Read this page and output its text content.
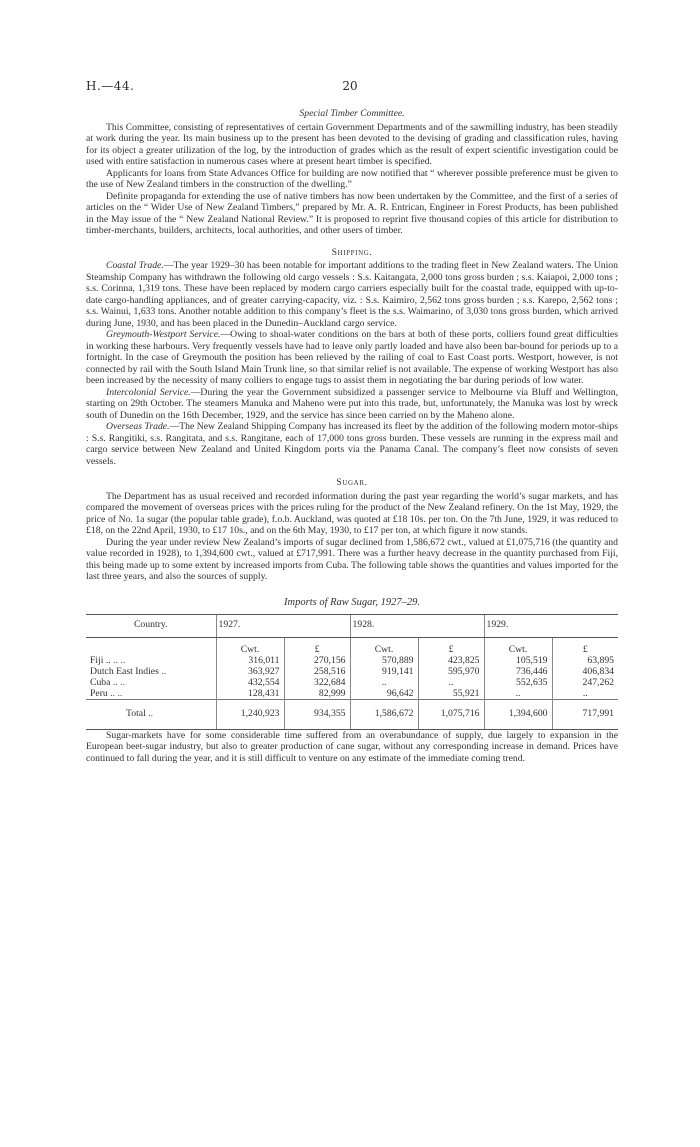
H.—44.	20
Special Timber Committee.

This Committee, consisting of representatives of certain Government Departments and of the sawmilling industry, has been steadily at work during the year. Its main business up to the present has been devoted to the devising of grading and classification rules, having for its object a greater utilization of the log, by the introduction of grades which as the result of expert scientific investigation could be used with entire satisfaction in numerous cases where at present heart timber is specified.

Applicants for loans from State Advances Office for building are now notified that “ wherever possible preference must be given to the use of New Zealand timbers in the construction of the dwelling.”

Definite propaganda for extending the use of native timbers has now been undertaken by the Committee, and the first of a series of articles on the “ Wider Use of New Zealand Timbers,” prepared by Mr. A. R. Entrican, Engineer in Forest Products, has been published in the May issue of the “ New Zealand National Review.” It is proposed to reprint five thousand copies of this article for distribution to timber-merchants, builders, architects, local authorities, and other users of timber.

Shipping.

Coastal Trade.—The year 1929–30 has been notable for important additions to the trading fleet in New Zealand waters. The Union Steamship Company has withdrawn the following old cargo vessels : S.s. Kaitangata, 2,000 tons gross burden ; s.s. Kaiapoi, 2,000 tons ; s.s. Corinna, 1,319 tons. These have been replaced by modern cargo carriers especially built for the coastal trade, equipped with up-to-date cargo-handling appliances, and of greater carrying-capacity, viz. : S.s. Kaimiro, 2,562 tons gross burden ; s.s. Karepo, 2,562 tons ; s.s. Wainui, 1,633 tons. Another notable addition to this company’s fleet is the s.s. Waimarino, of 3,030 tons gross burden, which arrived during June, 1930, and has been placed in the Dunedin–Auckland cargo service.

Greymouth-Westport Service.—Owing to shoal-water conditions on the bars at both of these ports, colliers found great difficulties in working these harbours. Very frequently vessels have had to leave only partly loaded and have also been bar-bound for periods up to a fortnight. In the case of Greymouth the position has been relieved by the railing of coal to East Coast ports. Westport, however, is not connected by rail with the South Island Main Trunk line, so that similar relief is not available. The expense of working Westport has also been increased by the necessity of many colliers to engage tugs to assist them in negotiating the bar during periods of low water.

Intercolonial Service.—During the year the Government subsidized a passenger service to Melbourne via Bluff and Wellington, starting on 29th October. The steamers Manuka and Maheno were put into this trade, but, unfortunately, the Manuka was lost by wreck south of Dunedin on the 16th December, 1929, and the service has since been carried on by the Maheno alone.

Overseas Trade.—The New Zealand Shipping Company has increased its fleet by the addition of the following modern motor-ships : S.s. Rangitiki, s.s. Rangitata, and s.s. Rangitane, each of 17,000 tons gross burden. These vessels are running in the express mail and cargo service between New Zealand and United Kingdom ports via the Panama Canal. The company’s fleet now consists of seven vessels.

Sugar.

The Department has as usual received and recorded information during the past year regarding the world’s sugar markets, and has compared the movement of overseas prices with the prices ruling for the product of the New Zealand refinery. On the 1st May, 1929, the price of No. 1a sugar (the popular table grade), f.o.b. Auckland, was quoted at £18 10s. per ton. On the 7th June, 1929, it was reduced to £18, on the 22nd April, 1930, to £17 10s., and on the 6th May, 1930, to £17 per ton, at which figure it now stands.

During the year under review New Zealand’s imports of sugar declined from 1,586,672 cwt., valued at £1,075,716 (the quantity and value recorded in 1928), to 1,394,600 cwt., valued at £717,991. There was a further heavy decrease in the quantity purchased from Fiji, this being made up to some extent by increased imports from Cuba. The following table shows the quantities and values imported for the last three years, and also the sources of supply.

Imports of Raw Sugar, 1927–29.
Country.	1927.		1928.		1929.	
	Cwt.	£	Cwt.	£	Cwt.	£
Fiji .. .. ..	316,011	270,156	570,889	423,825	105,519	63,895
Dutch East Indies ..	363,927	258,516	919,141	595,970	736,446	406,834
Cuba .. ..	432,554	322,684	..	..	552,635	247,262
Peru .. ..	128,431	82,999	96,642	55,921	..	..
Total ..	1,240,923	934,355	1,586,672	1,075,716	1,394,600	717,991

Sugar-markets have for some considerable time suffered from an overabundance of supply, due largely to expansion in the European beet-sugar industry, but also to greater production of cane sugar, without any corresponding increase in demand. Prices have continued to fall during the year, and it is still difficult to venture on any estimate of the immediate coming trend.
